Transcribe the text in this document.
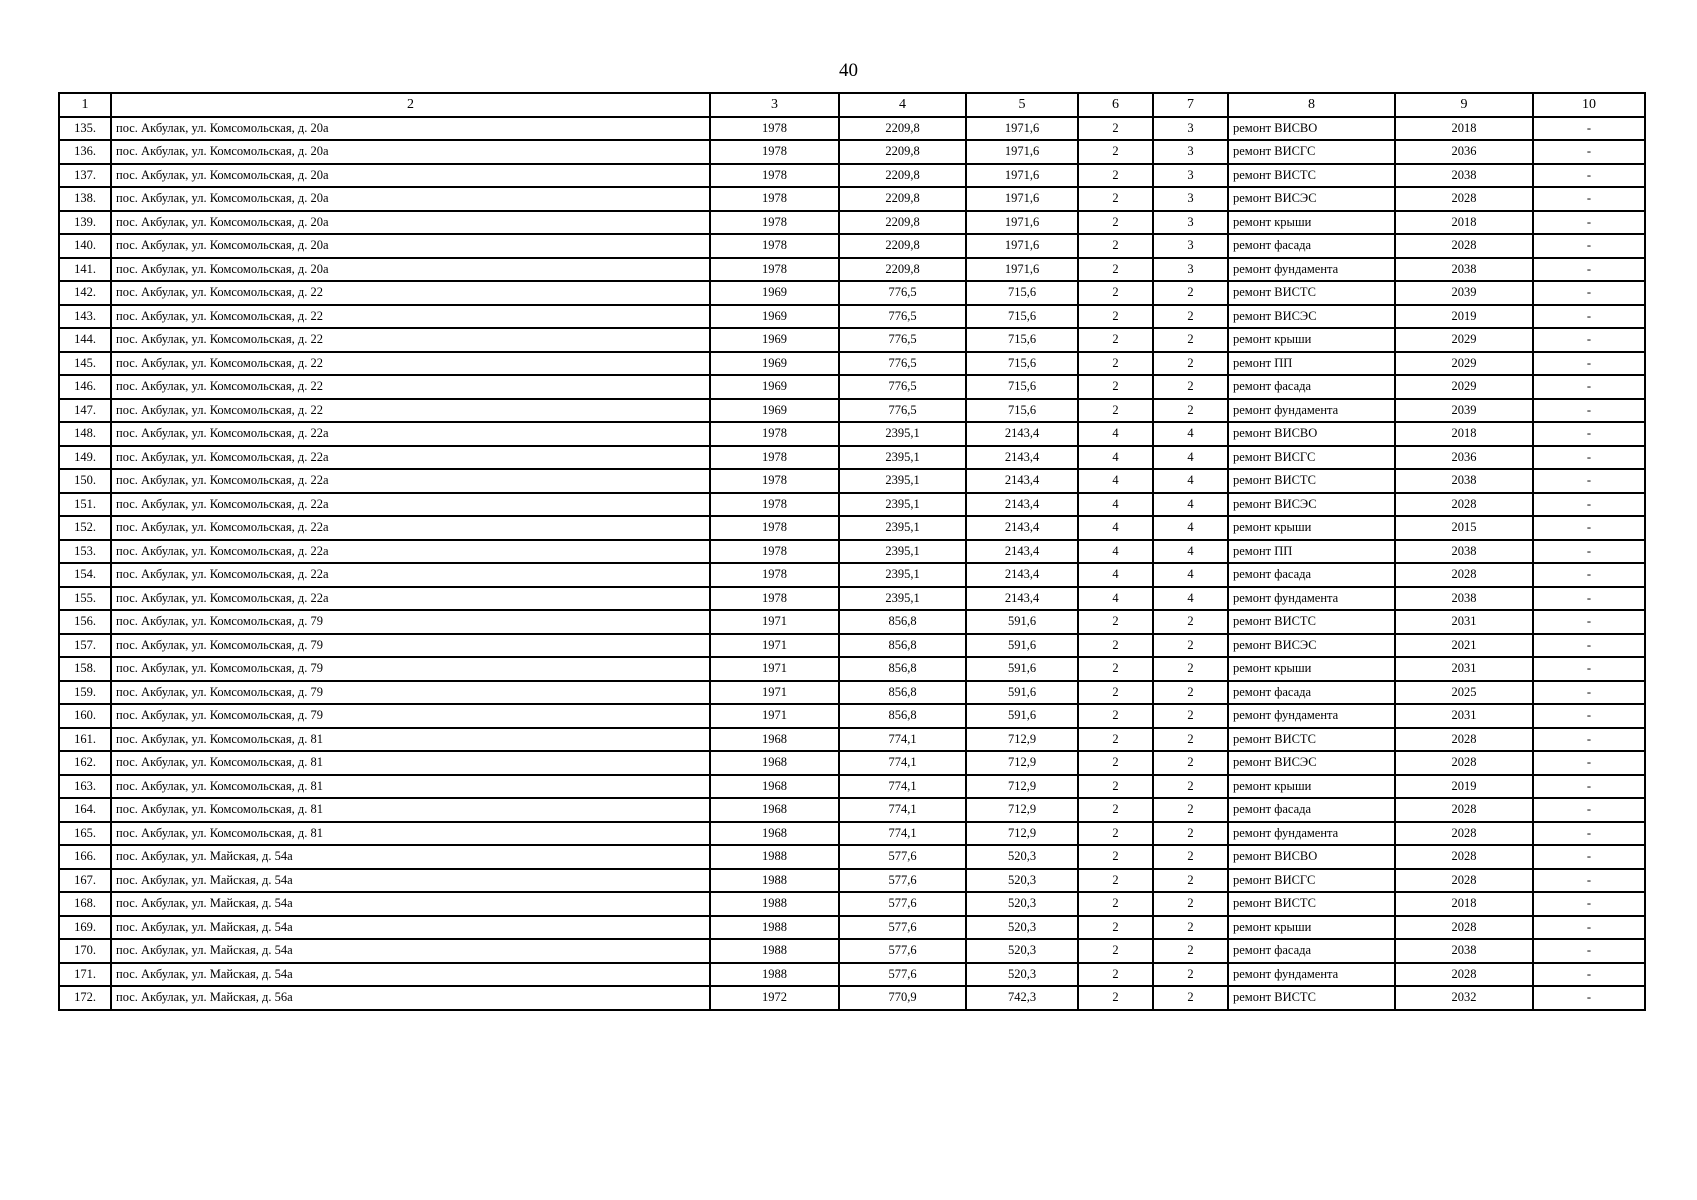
40
1	2	3	4	5	6	7	8	9	10
135.	пос. Акбулак, ул. Комсомольская, д. 20а	1978	2209,8	1971,6	2	3	ремонт ВИСВО	2018	-
136.	пос. Акбулак, ул. Комсомольская, д. 20а	1978	2209,8	1971,6	2	3	ремонт ВИСГС	2036	-
137.	пос. Акбулак, ул. Комсомольская, д. 20а	1978	2209,8	1971,6	2	3	ремонт ВИСТС	2038	-
138.	пос. Акбулак, ул. Комсомольская, д. 20а	1978	2209,8	1971,6	2	3	ремонт ВИСЭС	2028	-
139.	пос. Акбулак, ул. Комсомольская, д. 20а	1978	2209,8	1971,6	2	3	ремонт крыши	2018	-
140.	пос. Акбулак, ул. Комсомольская, д. 20а	1978	2209,8	1971,6	2	3	ремонт фасада	2028	-
141.	пос. Акбулак, ул. Комсомольская, д. 20а	1978	2209,8	1971,6	2	3	ремонт фундамента	2038	-
142.	пос. Акбулак, ул. Комсомольская, д. 22	1969	776,5	715,6	2	2	ремонт ВИСТС	2039	-
143.	пос. Акбулак, ул. Комсомольская, д. 22	1969	776,5	715,6	2	2	ремонт ВИСЭС	2019	-
144.	пос. Акбулак, ул. Комсомольская, д. 22	1969	776,5	715,6	2	2	ремонт крыши	2029	-
145.	пос. Акбулак, ул. Комсомольская, д. 22	1969	776,5	715,6	2	2	ремонт ПП	2029	-
146.	пос. Акбулак, ул. Комсомольская, д. 22	1969	776,5	715,6	2	2	ремонт фасада	2029	-
147.	пос. Акбулак, ул. Комсомольская, д. 22	1969	776,5	715,6	2	2	ремонт фундамента	2039	-
148.	пос. Акбулак, ул. Комсомольская, д. 22а	1978	2395,1	2143,4	4	4	ремонт ВИСВО	2018	-
149.	пос. Акбулак, ул. Комсомольская, д. 22а	1978	2395,1	2143,4	4	4	ремонт ВИСГС	2036	-
150.	пос. Акбулак, ул. Комсомольская, д. 22а	1978	2395,1	2143,4	4	4	ремонт ВИСТС	2038	-
151.	пос. Акбулак, ул. Комсомольская, д. 22а	1978	2395,1	2143,4	4	4	ремонт ВИСЭС	2028	-
152.	пос. Акбулак, ул. Комсомольская, д. 22а	1978	2395,1	2143,4	4	4	ремонт крыши	2015	-
153.	пос. Акбулак, ул. Комсомольская, д. 22а	1978	2395,1	2143,4	4	4	ремонт ПП	2038	-
154.	пос. Акбулак, ул. Комсомольская, д. 22а	1978	2395,1	2143,4	4	4	ремонт фасада	2028	-
155.	пос. Акбулак, ул. Комсомольская, д. 22а	1978	2395,1	2143,4	4	4	ремонт фундамента	2038	-
156.	пос. Акбулак, ул. Комсомольская, д. 79	1971	856,8	591,6	2	2	ремонт ВИСТС	2031	-
157.	пос. Акбулак, ул. Комсомольская, д. 79	1971	856,8	591,6	2	2	ремонт ВИСЭС	2021	-
158.	пос. Акбулак, ул. Комсомольская, д. 79	1971	856,8	591,6	2	2	ремонт крыши	2031	-
159.	пос. Акбулак, ул. Комсомольская, д. 79	1971	856,8	591,6	2	2	ремонт фасада	2025	-
160.	пос. Акбулак, ул. Комсомольская, д. 79	1971	856,8	591,6	2	2	ремонт фундамента	2031	-
161.	пос. Акбулак, ул. Комсомольская, д. 81	1968	774,1	712,9	2	2	ремонт ВИСТС	2028	-
162.	пос. Акбулак, ул. Комсомольская, д. 81	1968	774,1	712,9	2	2	ремонт ВИСЭС	2028	-
163.	пос. Акбулак, ул. Комсомольская, д. 81	1968	774,1	712,9	2	2	ремонт крыши	2019	-
164.	пос. Акбулак, ул. Комсомольская, д. 81	1968	774,1	712,9	2	2	ремонт фасада	2028	-
165.	пос. Акбулак, ул. Комсомольская, д. 81	1968	774,1	712,9	2	2	ремонт фундамента	2028	-
166.	пос. Акбулак, ул. Майская, д. 54а	1988	577,6	520,3	2	2	ремонт ВИСВО	2028	-
167.	пос. Акбулак, ул. Майская, д. 54а	1988	577,6	520,3	2	2	ремонт ВИСГС	2028	-
168.	пос. Акбулак, ул. Майская, д. 54а	1988	577,6	520,3	2	2	ремонт ВИСТС	2018	-
169.	пос. Акбулак, ул. Майская, д. 54а	1988	577,6	520,3	2	2	ремонт крыши	2028	-
170.	пос. Акбулак, ул. Майская, д. 54а	1988	577,6	520,3	2	2	ремонт фасада	2038	-
171.	пос. Акбулак, ул. Майская, д. 54а	1988	577,6	520,3	2	2	ремонт фундамента	2028	-
172.	пос. Акбулак, ул. Майская, д. 56а	1972	770,9	742,3	2	2	ремонт ВИСТС	2032	-
